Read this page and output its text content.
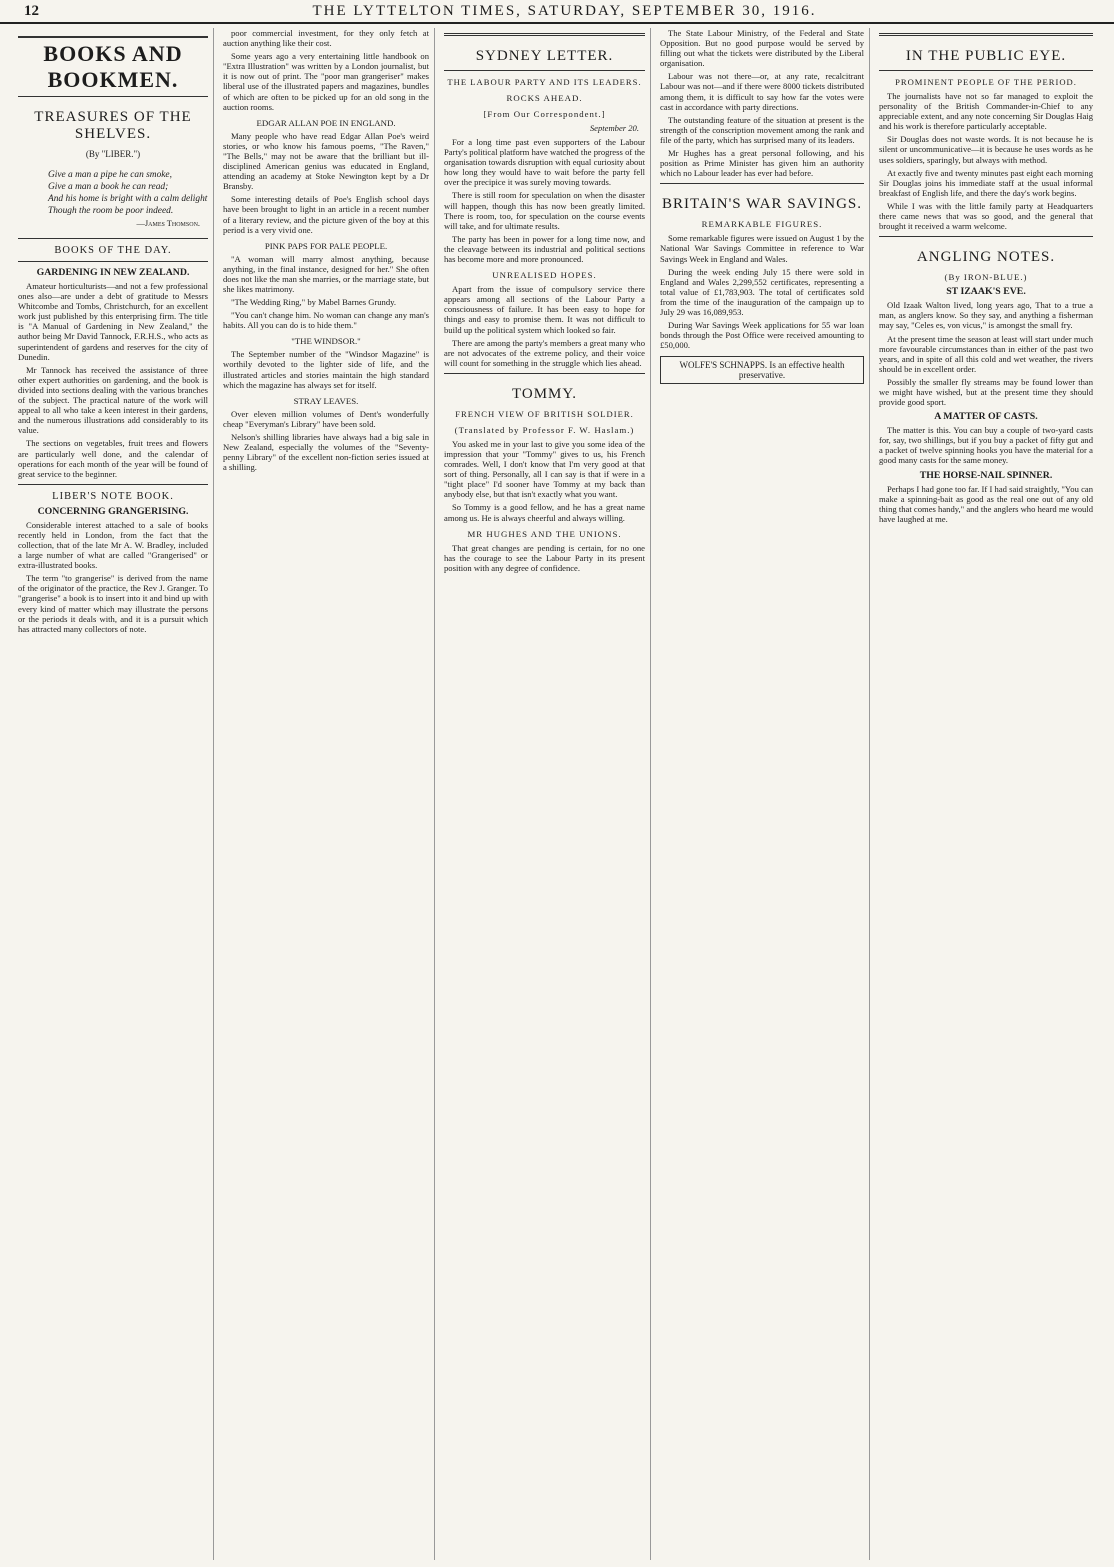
12	THE LYTTELTON TIMES, SATURDAY, SEPTEMBER 30, 1916.
BOOKS AND BOOKMEN.
TREASURES OF THE SHELVES.
(By "LIBER.")
Give a man a pipe he can smoke,
Give a man a book he can read;
And his home is bright with a calm delight
Though the room be poor indeed.
—James Thomson.
BOOKS OF THE DAY.
GARDENING IN NEW ZEALAND.

Amateur horticulturists—and not a few professional ones also—are under a debt of gratitude to Messrs Whitcombe and Tombs, Christchurch, for an excellent work just published by this enterprising firm. The title is "A Manual of Gardening in New Zealand," the author being Mr David Tannock, F.R.H.S., who acts as superintendent of gardens and reserves for the city of Dunedin.

Mr Tannock has received the assistance of three other expert authorities on gardening, and the book is divided into sections dealing with the various branches of the subject. The practical nature of the work will appeal to all who take a keen interest in their gardens, and the numerous illustrations add considerably to its value.

The sections on vegetables, fruit trees and flowers are particularly well done, and the calendar of operations for each month of the year will be found of great service to the beginner.

LIBER'S NOTE BOOK.
CONCERNING GRANGERISING.

Considerable interest attached to a sale of books recently held in London, from the fact that the collection, that of the late Mr A. W. Bradley, included a large number of what are called "Grangerised" or extra-illustrated books.

The term "to grangerise" is derived from the name of the originator of the practice, the Rev J. Granger. To "grangerise" a book is to insert into it and bind up with every kind of matter which may illustrate the persons or the periods it deals with, and it is a pursuit which has attracted many collectors of note.

poor commercial investment, for they only fetch at auction anything like their cost.

Some years ago a very entertaining little handbook on "Extra Illustration" was written by a London journalist, but it is now out of print. The "poor man grangeriser" makes liberal use of the illustrated papers and magazines, bundles of which are often to be picked up for an old song in the auction rooms.

EDGAR ALLAN POE IN ENGLAND.

Many people who have read Edgar Allan Poe's weird stories, or who know his famous poems, "The Raven," "The Bells," may not be aware that the brilliant but ill-disciplined American genius was educated in England, attending an academy at Stoke Newington kept by a Dr Bransby.

Some interesting details of Poe's English school days have been brought to light in an article in a recent number of a literary review, and the picture given of the boy at this period is a very vivid one.

PINK PAPS FOR PALE PEOPLE.

"A woman will marry almost anything, because anything, in the final instance, designed for her." She often does not like the man she marries, or the marriage state, but she likes matrimony.

"The Wedding Ring," by Mabel Barnes Grundy.

"You can't change him. No woman can change any man's habits. All you can do is to hide them."

"THE WINDSOR."

The September number of the "Windsor Magazine" is worthily devoted to the lighter side of life, and the illustrated articles and stories maintain the high standard which the magazine has always set for itself.

STRAY LEAVES.

Over eleven million volumes of Dent's wonderfully cheap "Everyman's Library" have been sold.

Nelson's shilling libraries have always had a big sale in New Zealand, especially the volumes of the "Seventy-penny Library" of the excellent non-fiction series issued at a shilling.

SYDNEY LETTER.
THE LABOUR PARTY AND ITS LEADERS.
ROCKS AHEAD.
[From Our Correspondent.]
September 20.

For a long time past even supporters of the Labour Party's political platform have watched the progress of the organisation towards disruption with equal curiosity about how long they would have to wait before the party fell over the precipice it was surely moving towards.

There is still room for speculation on when the disaster will happen, though this has now been greatly limited. There is room, too, for speculation on the course events will take, and for ultimate results.

The party has been in power for a long time now, and the cleavage between its industrial and political sections has become more and more pronounced.

UNREALISED HOPES.

Apart from the issue of compulsory service there appears among all sections of the Labour Party a consciousness of failure. It has been easy to hope for things and easy to promise them. It was not difficult to build up the political system which looked so fair.

There are among the party's members a great many who are not advocates of the extreme policy, and their voice will count for something in the struggle which lies ahead.

TOMMY.
FRENCH VIEW OF BRITISH SOLDIER.
(Translated by Professor F. W. Haslam.)

You asked me in your last to give you some idea of the impression that your "Tommy" gives to us, his French comrades. Well, I don't know that I'm very good at that sort of thing. Personally, all I can say is that if were in a "tight place" I'd sooner have Tommy at my back than anybody else, but that isn't exactly what you want.

So Tommy is a good fellow, and he has a great name among us. He is always cheerful and always willing.

MR HUGHES AND THE UNIONS.

That great changes are pending is certain, for no one has the courage to see the Labour Party in its present position with any degree of confidence.

The State Labour Ministry, of the Federal and State Opposition. But no good purpose would be served by filling out what the tickets were distributed by the Liberal organisation.

Labour was not there—or, at any rate, recalcitrant Labour was not—and if there were 8000 tickets distributed among them, it is difficult to say how far the votes were cast in accordance with party directions.

The outstanding feature of the situation at present is the strength of the conscription movement among the rank and file of the party, which has surprised many of its leaders.

Mr Hughes has a great personal following, and his position as Prime Minister has given him an authority which no Labour leader has ever had before.

BRITAIN'S WAR SAVINGS.
REMARKABLE FIGURES.

Some remarkable figures were issued on August 1 by the National War Savings Committee in reference to War Savings Week in England and Wales.

During the week ending July 15 there were sold in England and Wales 2,299,552 certificates, representing a total value of £1,783,903. The total of certificates sold from the time of the inauguration of the campaign up to July 29 was 16,089,953.

During War Savings Week applications for 55 war loan bonds through the Post Office were received amounting to £50,000.

WOLFE'S SCHNAPPS. Is an effective health preservative.
IN THE PUBLIC EYE.
PROMINENT PEOPLE OF THE PERIOD.

The journalists have not so far managed to exploit the personality of the British Commander-in-Chief to any appreciable extent, and any note concerning Sir Douglas Haig and his work is therefore particularly acceptable.

Sir Douglas does not waste words. It is not because he is silent or uncommunicative—it is because he uses words as he uses soldiers, sparingly, but always with method.

At exactly five and twenty minutes past eight each morning Sir Douglas joins his immediate staff at the usual informal breakfast of English life, and there the day's work begins.

While I was with the little family party at Headquarters there came news that was so good, and the general that brought it received a warm welcome.

ANGLING NOTES.
(By IRON-BLUE.)
ST IZAAK'S EVE.

Old Izaak Walton lived, long years ago, That to a true a man, as anglers know. So they say, and anything a fisherman may say, "Celes es, von vicus," is amongst the small fry.

At the present time the season at least will start under much more favourable circumstances than in either of the past two years, and in spite of all this cold and wet weather, the rivers should be in excellent order.

Possibly the smaller fly streams may be found lower than we might have wished, but at the present time they should provide good sport.

A MATTER OF CASTS.

The matter is this. You can buy a couple of two-yard casts for, say, two shillings, but if you buy a packet of fifty gut and a packet of twelve spinning hooks you have the material for a good many casts for the same money.

THE HORSE-NAIL SPINNER.

Perhaps I had gone too far. If I had said straightly, "You can make a spinning-bait as good as the real one out of any old thing that comes handy," and the anglers who heard me would have laughed at me.
